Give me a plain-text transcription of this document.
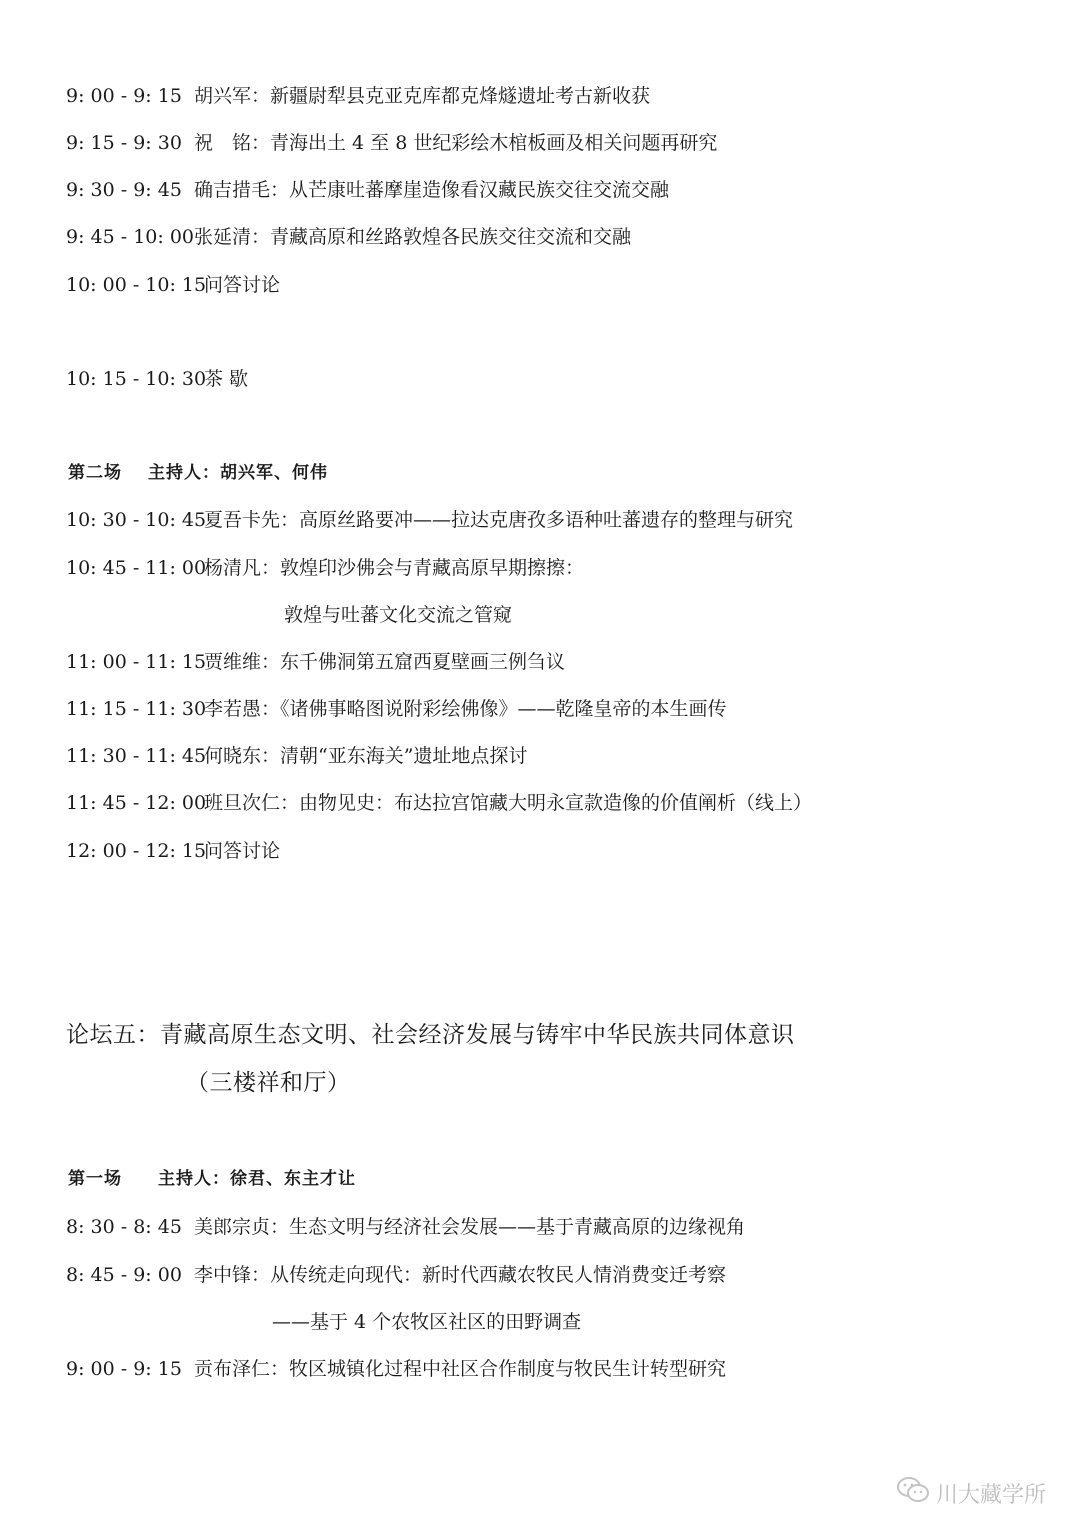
9: 00 - 9: 15 胡兴军：新疆尉犁县克亚克库都克烽燧遗址考古新收获
9: 15 - 9: 30 祝　铭：青海出土 4 至 8 世纪彩绘木棺板画及相关问题再研究
9: 30 - 9: 45 确吉措毛：从芒康吐蕃摩崖造像看汉藏民族交往交流交融
9: 45 - 10: 00张延清：青藏高原和丝路敦煌各民族交往交流和交融
10: 00 - 10: 15问答讨论
10: 15 - 10: 30茶 歇
第二场 主持人：胡兴军、何伟
10: 30 - 10: 45夏吾卡先：高原丝路要冲——拉达克唐孜多语种吐蕃遗存的整理与研究
10: 45 - 11: 00杨清凡：敦煌印沙佛会与青藏高原早期擦擦：
敦煌与吐蕃文化交流之管窥
11: 00 - 11: 15贾维维：东千佛洞第五窟西夏壁画三例刍议
11: 15 - 11: 30李若愚：《诸佛事略图说附彩绘佛像》——乾隆皇帝的本生画传
11: 30 - 11: 45何晓东：清朝“亚东海关”遗址地点探讨
11: 45 - 12: 00班旦次仁：由物见史：布达拉宫馆藏大明永宣款造像的价值阐析（线上）
12: 00 - 12: 15问答讨论
论坛五：青藏高原生态文明、社会经济发展与铸牢中华民族共同体意识
（三楼祥和厅）
第一场 主持人：徐君、东主才让
8: 30 - 8: 45 美郎宗贞：生态文明与经济社会发展——基于青藏高原的边缘视角
8: 45 - 9: 00 李中锋：从传统走向现代：新时代西藏农牧民人情消费变迁考察
——基于 4 个农牧区社区的田野调查
9: 00 - 9: 15 贡布泽仁：牧区城镇化过程中社区合作制度与牧民生计转型研究
川大藏学所
